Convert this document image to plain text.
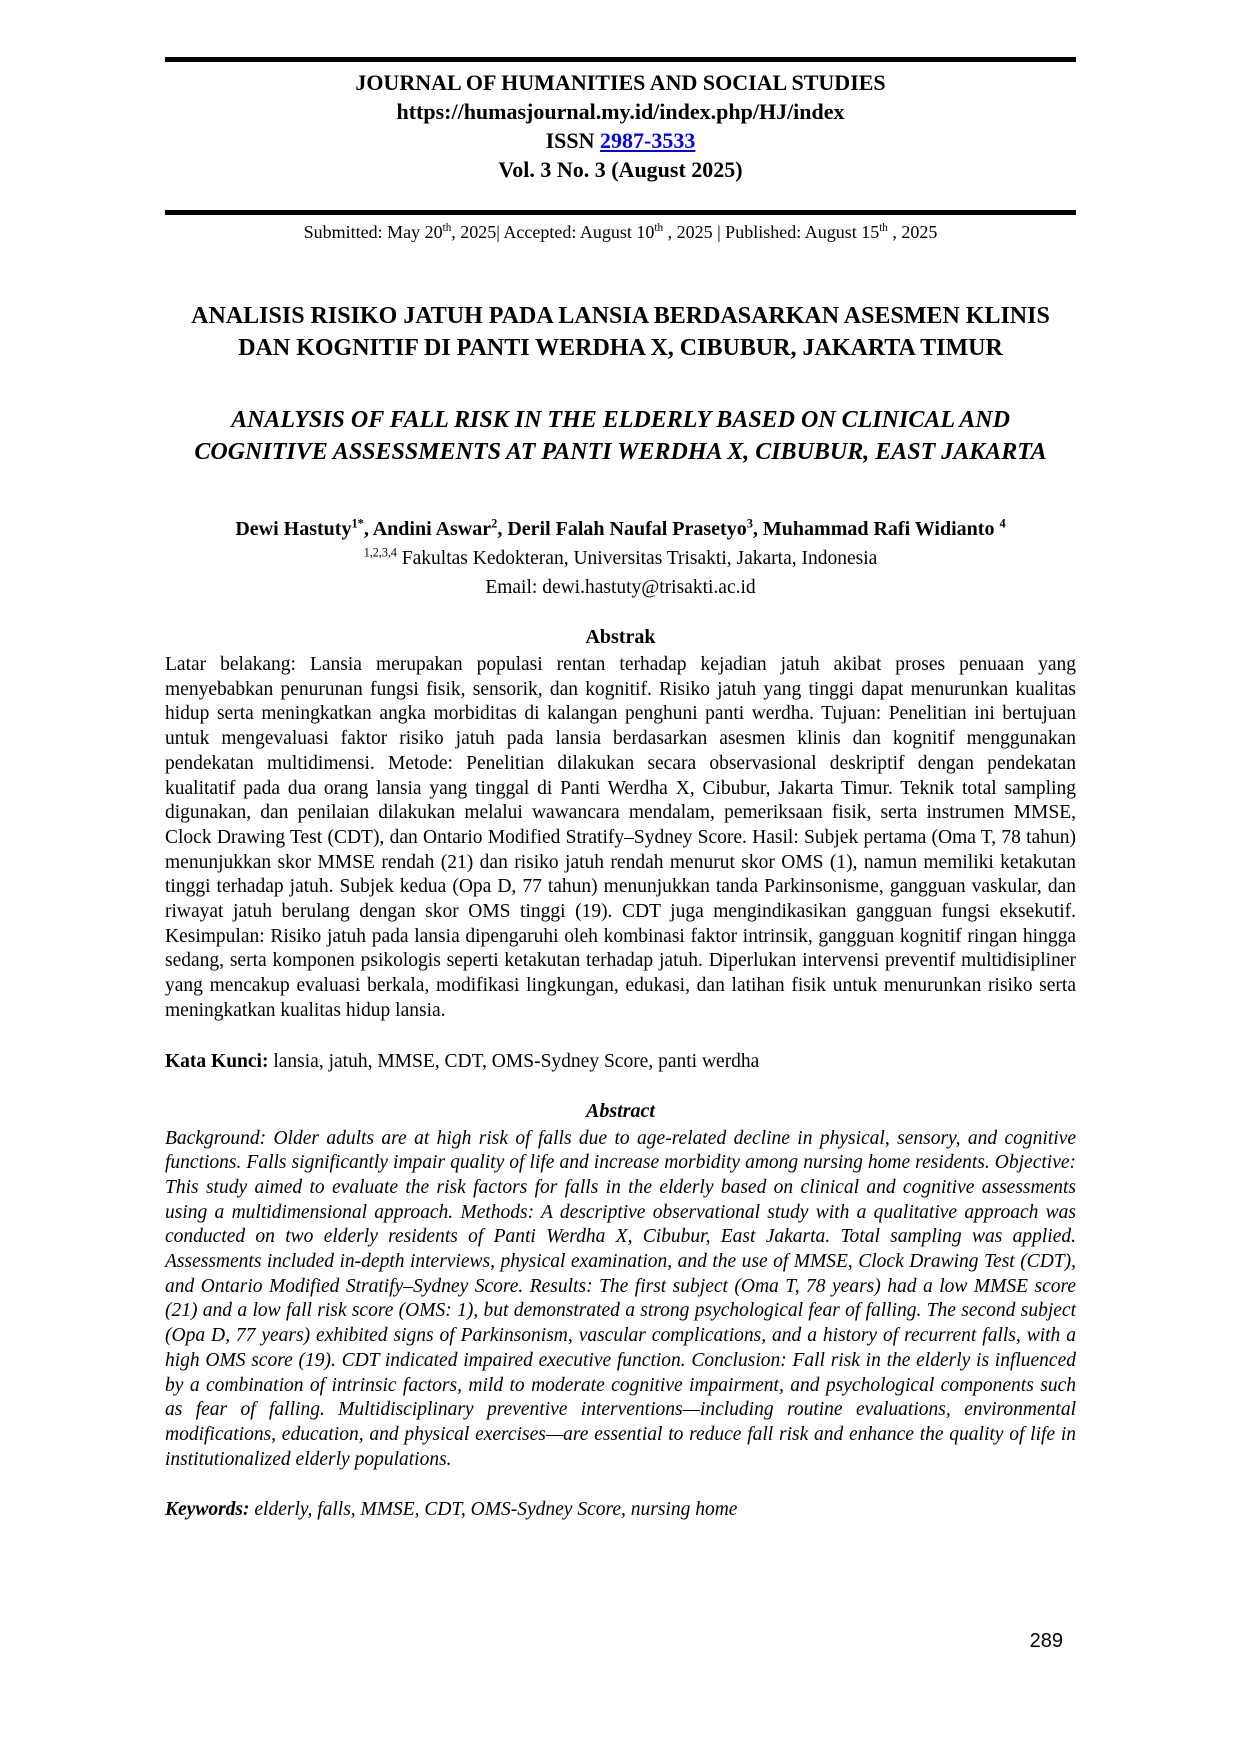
JOURNAL OF HUMANITIES AND SOCIAL STUDIES
https://humasjournal.my.id/index.php/HJ/index
ISSN 2987-3533
Vol. 3 No. 3 (August 2025)
Submitted: May 20th, 2025| Accepted: August 10th , 2025 | Published: August 15th , 2025
ANALISIS RISIKO JATUH PADA LANSIA BERDASARKAN ASESMEN KLINIS DAN KOGNITIF DI PANTI WERDHA X, CIBUBUR, JAKARTA TIMUR
ANALYSIS OF FALL RISK IN THE ELDERLY BASED ON CLINICAL AND COGNITIVE ASSESSMENTS AT PANTI WERDHA X, CIBUBUR, EAST JAKARTA
Dewi Hastuty$^{1*}$, Andini Aswar$^2$, Deril Falah Naufal Prasetyo$^3$, Muhammad Rafi Widianto $^4$
$^{1,2,3,4}$ Fakultas Kedokteran, Universitas Trisakti, Jakarta, Indonesia
Email: dewi.hastuty@trisakti.ac.id
Abstrak

Latar belakang: Lansia merupakan populasi rentan terhadap kejadian jatuh akibat proses penuaan yang menyebabkan penurunan fungsi fisik, sensorik, dan kognitif. Risiko jatuh yang tinggi dapat menurunkan kualitas hidup serta meningkatkan angka morbiditas di kalangan penghuni panti werdha. Tujuan: Penelitian ini bertujuan untuk mengevaluasi faktor risiko jatuh pada lansia berdasarkan asesmen klinis dan kognitif menggunakan pendekatan multidimensi. Metode: Penelitian dilakukan secara observasional deskriptif dengan pendekatan kualitatif pada dua orang lansia yang tinggal di Panti Werdha X, Cibubur, Jakarta Timur. Teknik total sampling digunakan, dan penilaian dilakukan melalui wawancara mendalam, pemeriksaan fisik, serta instrumen MMSE, Clock Drawing Test (CDT), dan Ontario Modified Stratify–Sydney Score. Hasil: Subjek pertama (Oma T, 78 tahun) menunjukkan skor MMSE rendah (21) dan risiko jatuh rendah menurut skor OMS (1), namun memiliki ketakutan tinggi terhadap jatuh. Subjek kedua (Opa D, 77 tahun) menunjukkan tanda Parkinsonisme, gangguan vaskular, dan riwayat jatuh berulang dengan skor OMS tinggi (19). CDT juga mengindikasikan gangguan fungsi eksekutif. Kesimpulan: Risiko jatuh pada lansia dipengaruhi oleh kombinasi faktor intrinsik, gangguan kognitif ringan hingga sedang, serta komponen psikologis seperti ketakutan terhadap jatuh. Diperlukan intervensi preventif multidisipliner yang mencakup evaluasi berkala, modifikasi lingkungan, edukasi, dan latihan fisik untuk menurunkan risiko serta meningkatkan kualitas hidup lansia.

Kata Kunci: lansia, jatuh, MMSE, CDT, OMS-Sydney Score, panti werdha

Abstract

Background: Older adults are at high risk of falls due to age-related decline in physical, sensory, and cognitive functions. Falls significantly impair quality of life and increase morbidity among nursing home residents. Objective: This study aimed to evaluate the risk factors for falls in the elderly based on clinical and cognitive assessments using a multidimensional approach. Methods: A descriptive observational study with a qualitative approach was conducted on two elderly residents of Panti Werdha X, Cibubur, East Jakarta. Total sampling was applied. Assessments included in-depth interviews, physical examination, and the use of MMSE, Clock Drawing Test (CDT), and Ontario Modified Stratify–Sydney Score. Results: The first subject (Oma T, 78 years) had a low MMSE score (21) and a low fall risk score (OMS: 1), but demonstrated a strong psychological fear of falling. The second subject (Opa D, 77 years) exhibited signs of Parkinsonism, vascular complications, and a history of recurrent falls, with a high OMS score (19). CDT indicated impaired executive function. Conclusion: Fall risk in the elderly is influenced by a combination of intrinsic factors, mild to moderate cognitive impairment, and psychological components such as fear of falling. Multidisciplinary preventive interventions—including routine evaluations, environmental modifications, education, and physical exercises—are essential to reduce fall risk and enhance the quality of life in institutionalized elderly populations.

Keywords: elderly, falls, MMSE, CDT, OMS-Sydney Score, nursing home

289
